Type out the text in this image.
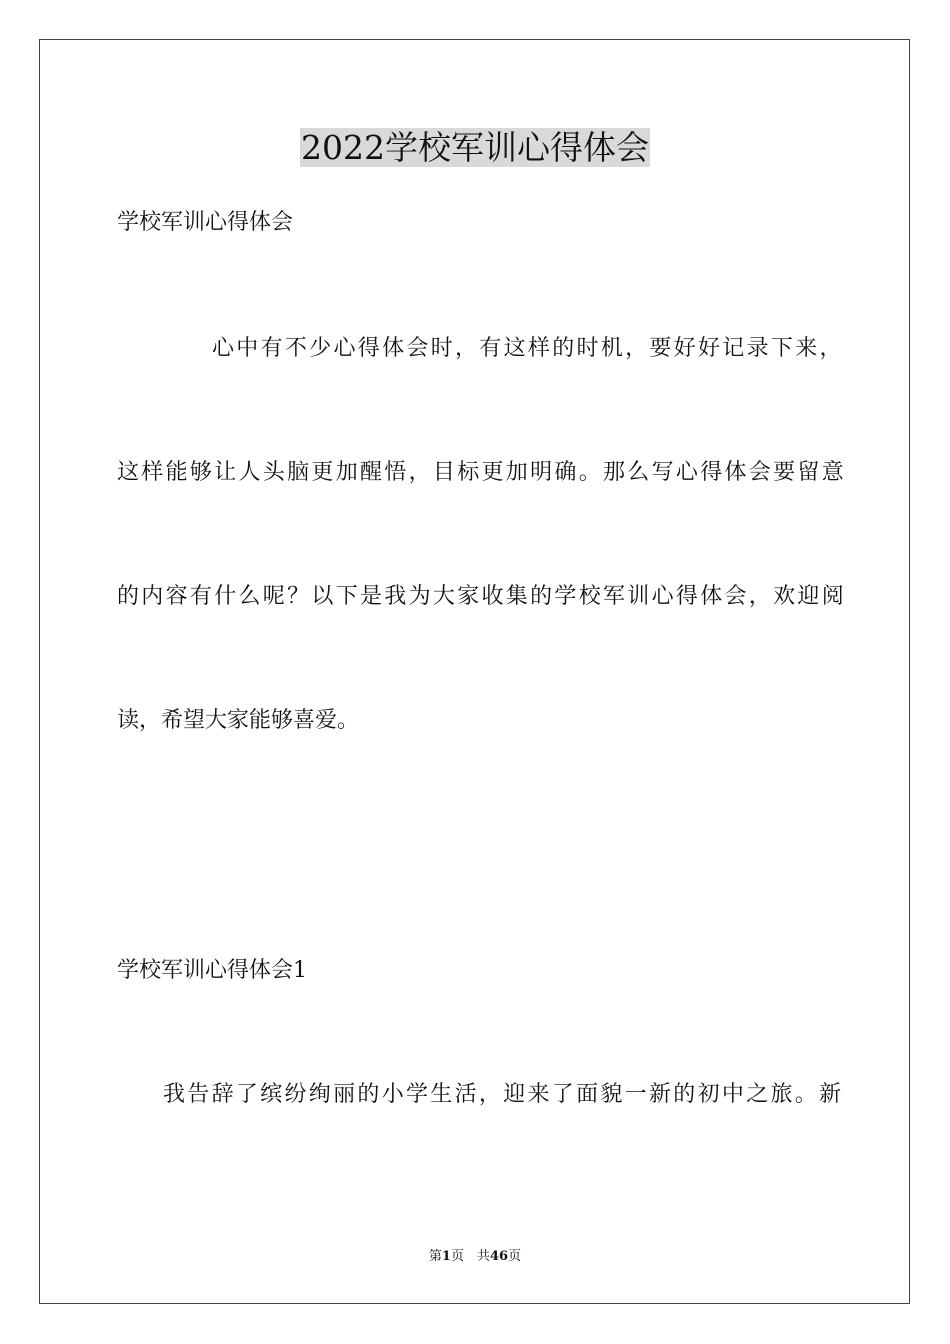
2022学校军训心得体会
学校军训心得体会
心中有不少心得体会时，有这样的时机，要好好记录下来，
这样能够让人头脑更加醒悟，目标更加明确。那么写心得体会要留意
的内容有什么呢？以下是我为大家收集的学校军训心得体会，欢迎阅
读，希望大家能够喜爱。
学校军训心得体会1
我告辞了缤纷绚丽的小学生活，迎来了面貌一新的初中之旅。新
第1页　共46页
